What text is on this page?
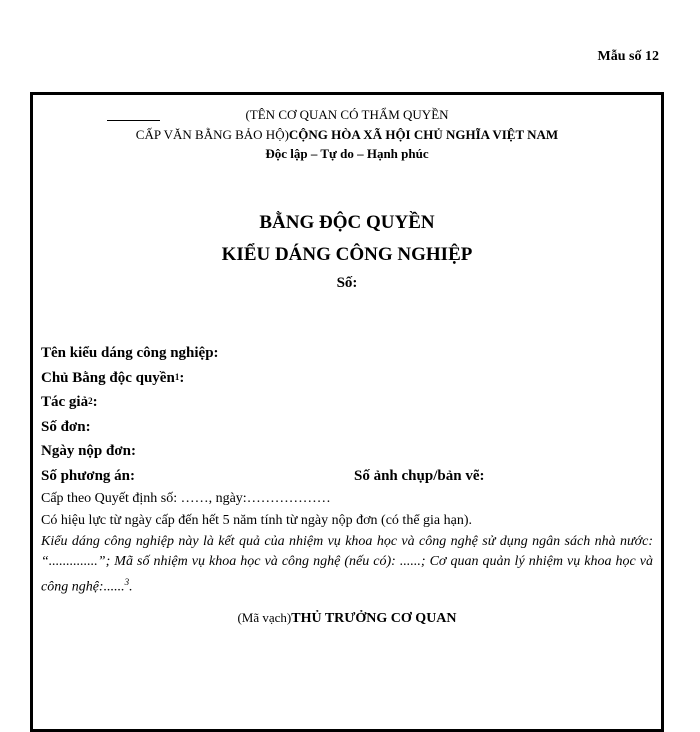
Mẫu số 12
(TÊN CƠ QUAN CÓ THẨM QUYỀN
CẤP VĂN BẰNG BẢO HỘ)CỘNG HÒA XÃ HỘI CHỦ NGHĨA VIỆT NAM
Độc lập – Tự do – Hạnh phúc
BẰNG ĐỘC QUYỀN
KIỂU DÁNG CÔNG NGHIỆP
Số:
Tên kiểu dáng công nghiệp:
Chủ Bằng độc quyền$^1$:
Tác giả$^2$:
Số đơn:
Ngày nộp đơn:
Số phương án:	Số ảnh chụp/bản vẽ:
Cấp theo Quyết định số: ……, ngày:………………
Có hiệu lực từ ngày cấp đến hết 5 năm tính từ ngày nộp đơn (có thể gia hạn).
Kiểu dáng công nghiệp này là kết quả của nhiệm vụ khoa học và công nghệ sử dụng ngân sách nhà nước: “..............”; Mã số nhiệm vụ khoa học và công nghệ (nếu có): ......; Cơ quan quản lý nhiệm vụ khoa học và công nghệ:......$^3$.
(Mã vạch)THỦ TRƯỞNG CƠ QUAN
